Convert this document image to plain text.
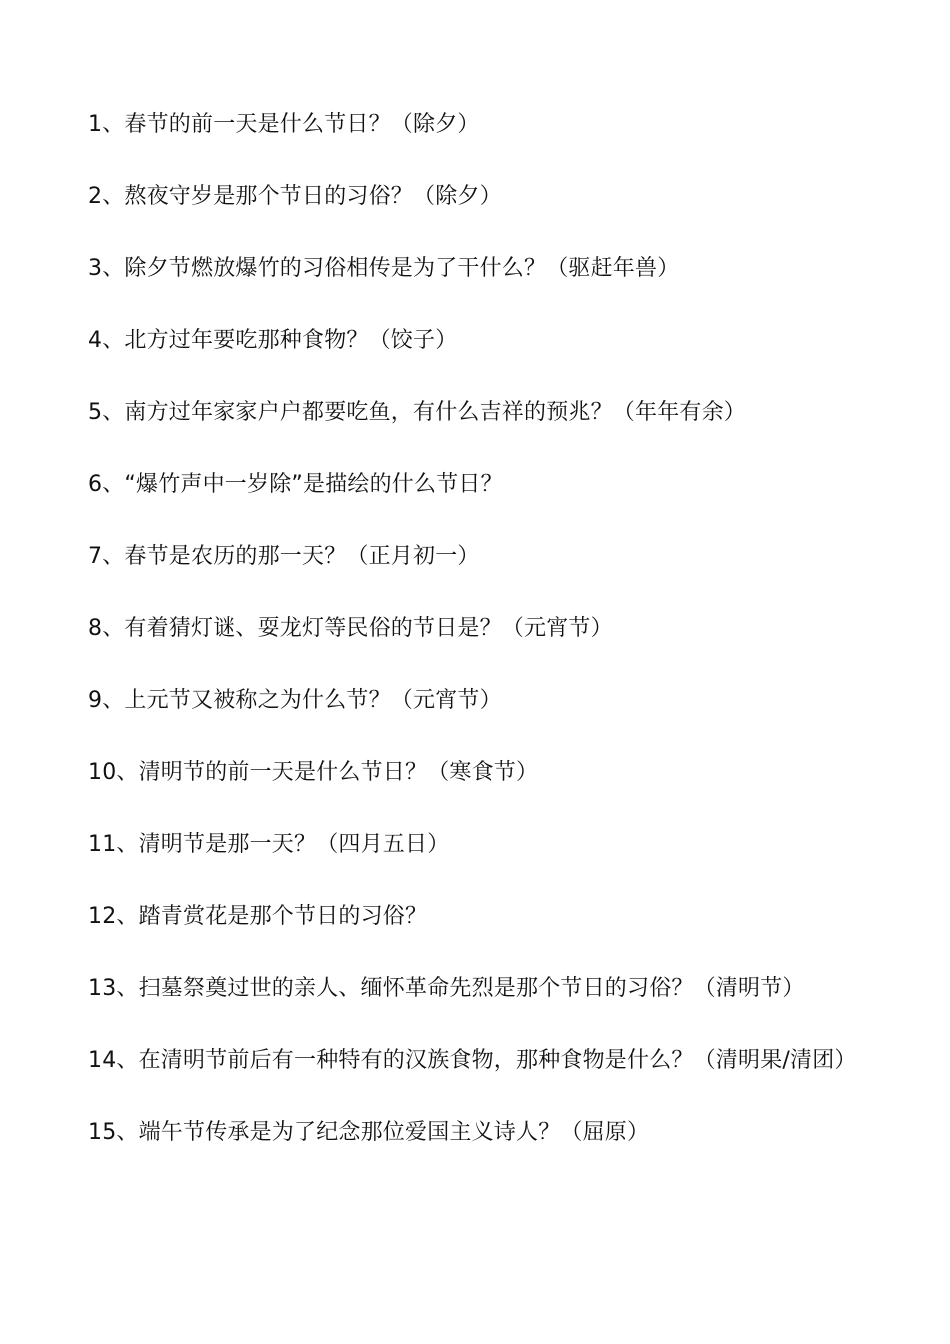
1、春节的前一天是什么节日？（除夕）
2、熬夜守岁是那个节日的习俗？（除夕）
3、除夕节燃放爆竹的习俗相传是为了干什么？（驱赶年兽）
4、北方过年要吃那种食物？（饺子）
5、南方过年家家户户都要吃鱼，有什么吉祥的预兆？（年年有余）
6、“爆竹声中一岁除”是描绘的什么节日？
7、春节是农历的那一天？（正月初一）
8、有着猜灯谜、耍龙灯等民俗的节日是？（元宵节）
9、上元节又被称之为什么节？（元宵节）
10、清明节的前一天是什么节日？（寒食节）
11、清明节是那一天？（四月五日）
12、踏青赏花是那个节日的习俗？
13、扫墓祭奠过世的亲人、缅怀革命先烈是那个节日的习俗？（清明节）
14、在清明节前后有一种特有的汉族食物，那种食物是什么？（清明果/清团）
15、端午节传承是为了纪念那位爱国主义诗人？（屈原）
